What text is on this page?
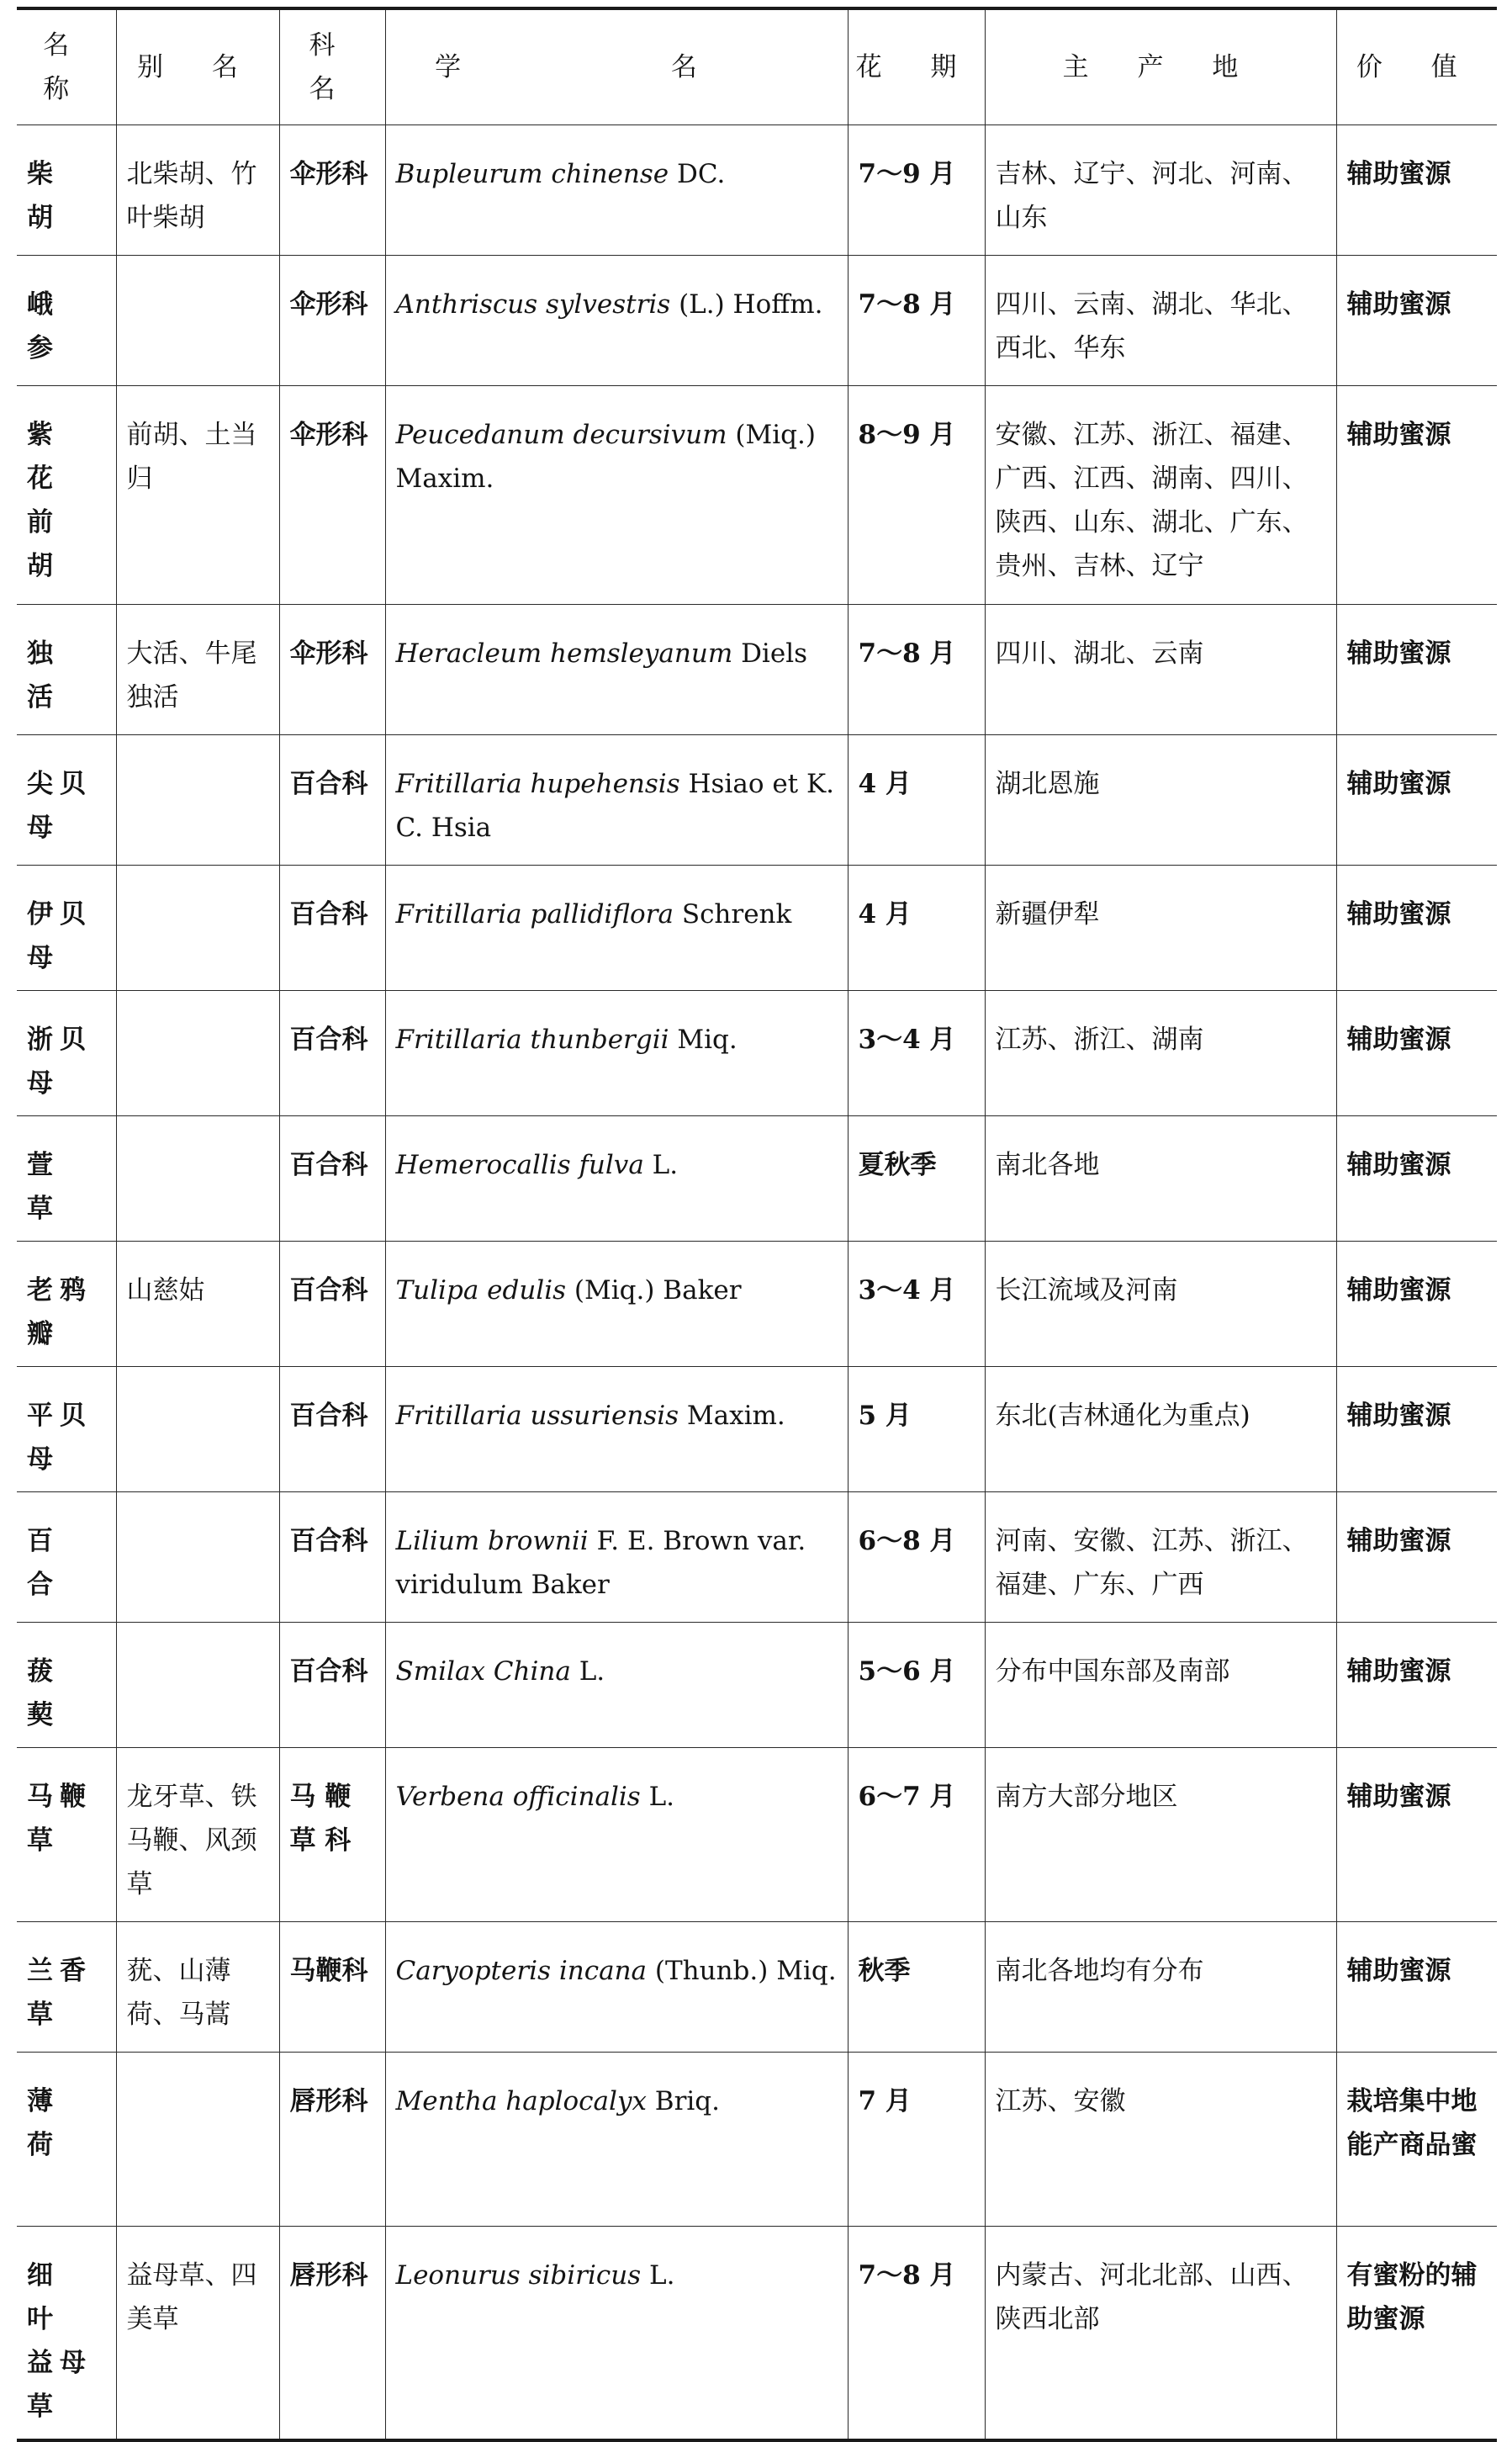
名 称	别 名	科 名	学 名	花 期	主 产 地	价 值
柴 胡	北柴胡、竹叶柴胡	伞形科	Bupleurum chinense DC.	7～9 月	吉林、辽宁、河北、河南、山东	辅助蜜源
峨 参		伞形科	Anthriscus sylvestris (L.) Hoffm.	7～8 月	四川、云南、湖北、华北、西北、华东	辅助蜜源
紫 花 前 胡	前胡、土当归	伞形科	Peucedanum decursivum (Miq.) Maxim.	8～9 月	安徽、江苏、浙江、福建、广西、江西、湖南、四川、陕西、山东、湖北、广东、贵州、吉林、辽宁	辅助蜜源
独 活	大活、牛尾独活	伞形科	Heracleum hemsleyanum Diels	7～8 月	四川、湖北、云南	辅助蜜源
尖贝母		百合科	Fritillaria hupehensis Hsiao et K. C. Hsia	4 月	湖北恩施	辅助蜜源
伊贝母		百合科	Fritillaria pallidiflora Schrenk	4 月	新疆伊犁	辅助蜜源
浙贝母		百合科	Fritillaria thunbergii Miq.	3～4 月	江苏、浙江、湖南	辅助蜜源
萱 草		百合科	Hemerocallis fulva L.	夏秋季	南北各地	辅助蜜源
老鸦瓣	山慈姑	百合科	Tulipa edulis (Miq.) Baker	3～4 月	长江流域及河南	辅助蜜源
平贝母		百合科	Fritillaria ussuriensis Maxim.	5 月	东北(吉林通化为重点)	辅助蜜源
百 合		百合科	Lilium brownii F. E. Brown var. viridulum Baker	6～8 月	河南、安徽、江苏、浙江、福建、广东、广西	辅助蜜源
菝 葜		百合科	Smilax China L.	5～6 月	分布中国东部及南部	辅助蜜源
马鞭草	龙牙草、铁马鞭、风颈草	马 鞭 草 科	Verbena officinalis L.	6～7 月	南方大部分地区	辅助蜜源
兰香草	莸、山薄荷、马蒿	马鞭科	Caryopteris incana (Thunb.) Miq.	秋季	南北各地均有分布	辅助蜜源
薄 荷		唇形科	Mentha haplocalyx Briq.	7 月	江苏、安徽	栽培集中地能产商品蜜
细 叶 益母草	益母草、四美草	唇形科	Leonurus sibiricus L.	7～8 月	内蒙古、河北北部、山西、陕西北部	有蜜粉的辅助蜜源
